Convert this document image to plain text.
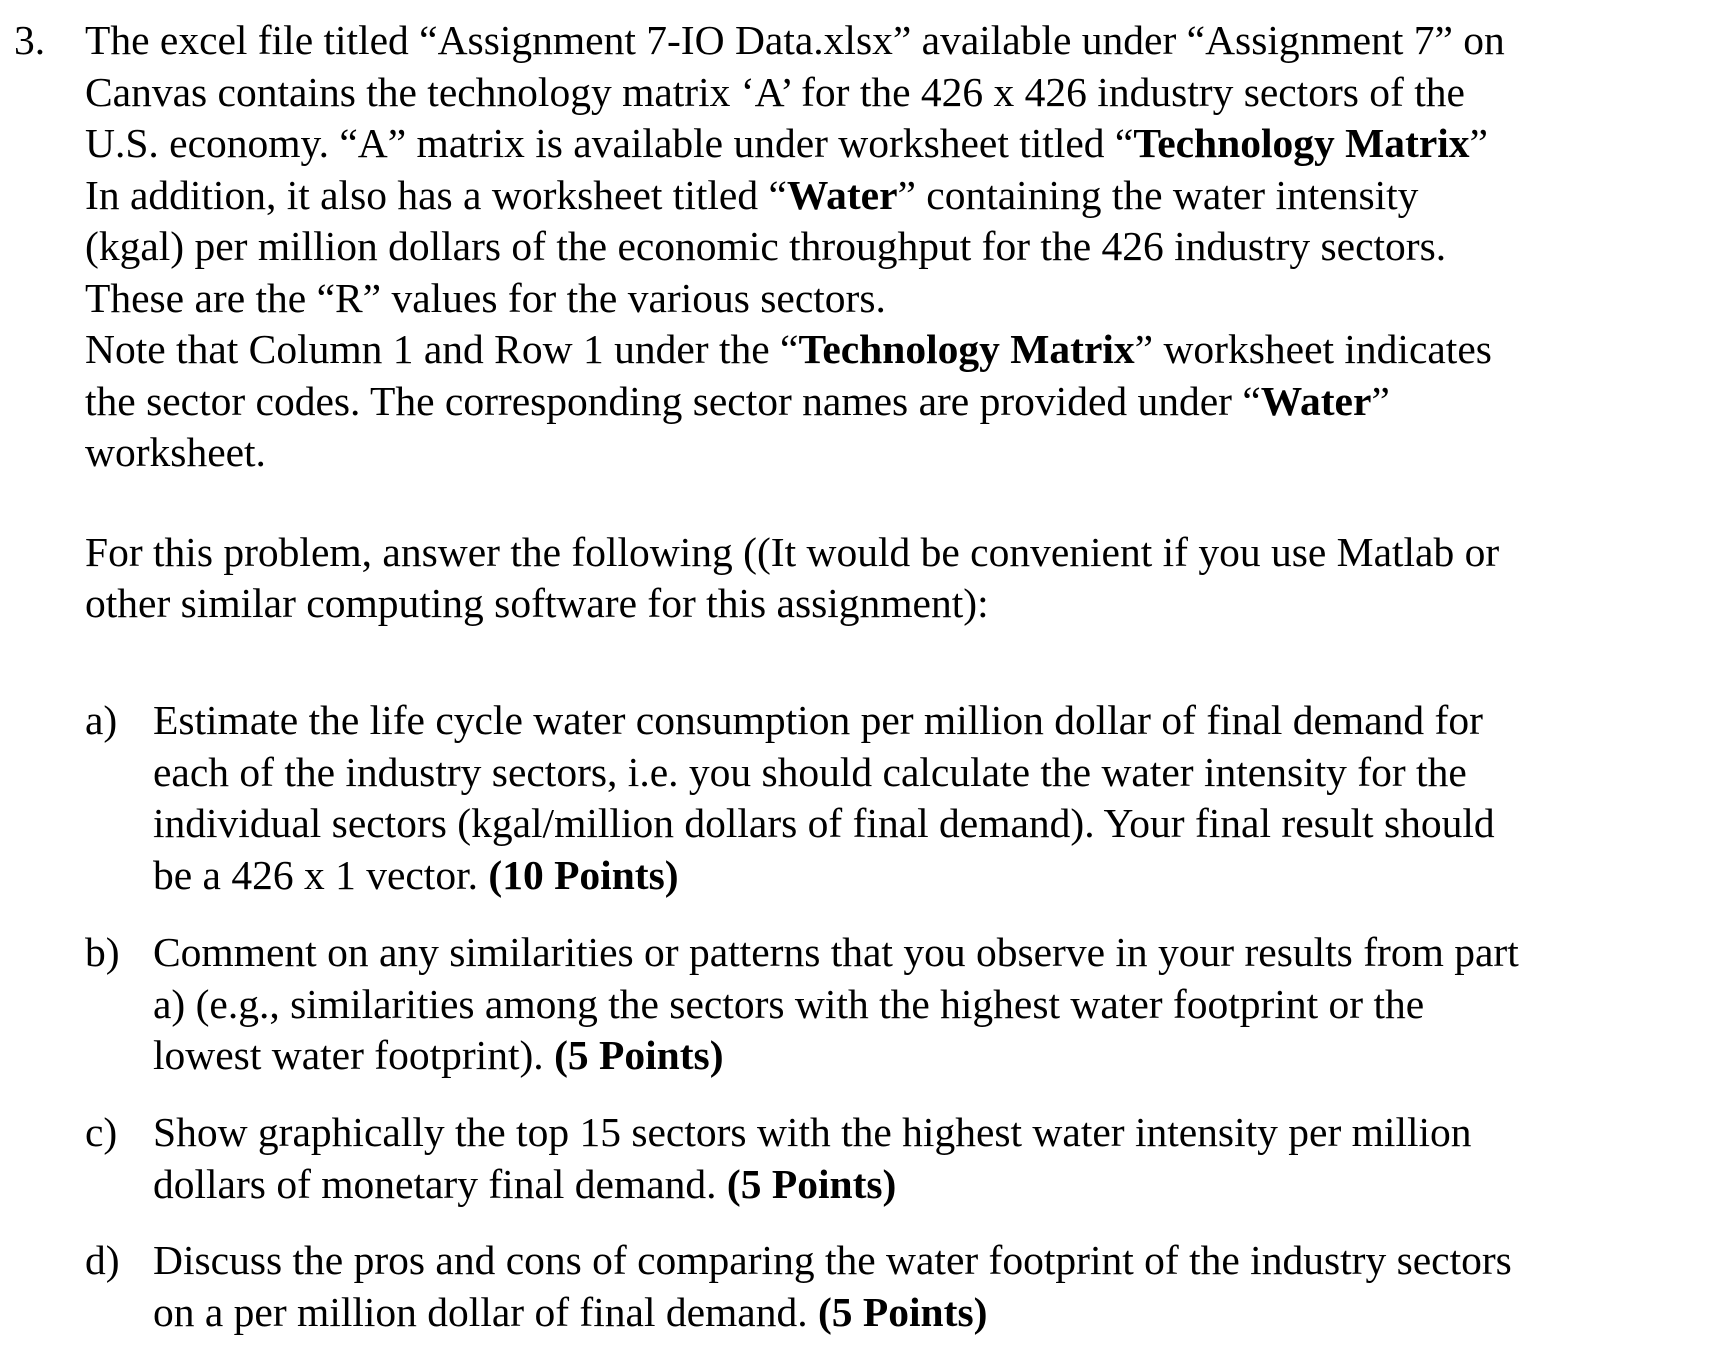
3. The excel file titled “Assignment 7-IO Data.xlsx” available under “Assignment 7” on
Canvas contains the technology matrix ‘A’ for the 426 x 426 industry sectors of the
U.S. economy. “A” matrix is available under worksheet titled “Technology Matrix”
In addition, it also has a worksheet titled “Water” containing the water intensity
(kgal) per million dollars of the economic throughput for the 426 industry sectors.
These are the “R” values for the various sectors.
Note that Column 1 and Row 1 under the “Technology Matrix” worksheet indicates
the sector codes. The corresponding sector names are provided under “Water”
worksheet.

For this problem, answer the following ((It would be convenient if you use Matlab or
other similar computing software for this assignment):

a) Estimate the life cycle water consumption per million dollar of final demand for
each of the industry sectors, i.e. you should calculate the water intensity for the
individual sectors (kgal/million dollars of final demand). Your final result should
be a 426 x 1 vector. (10 Points)
b) Comment on any similarities or patterns that you observe in your results from part
a) (e.g., similarities among the sectors with the highest water footprint or the
lowest water footprint). (5 Points)
c) Show graphically the top 15 sectors with the highest water intensity per million
dollars of monetary final demand. (5 Points)
d) Discuss the pros and cons of comparing the water footprint of the industry sectors
on a per million dollar of final demand. (5 Points)
